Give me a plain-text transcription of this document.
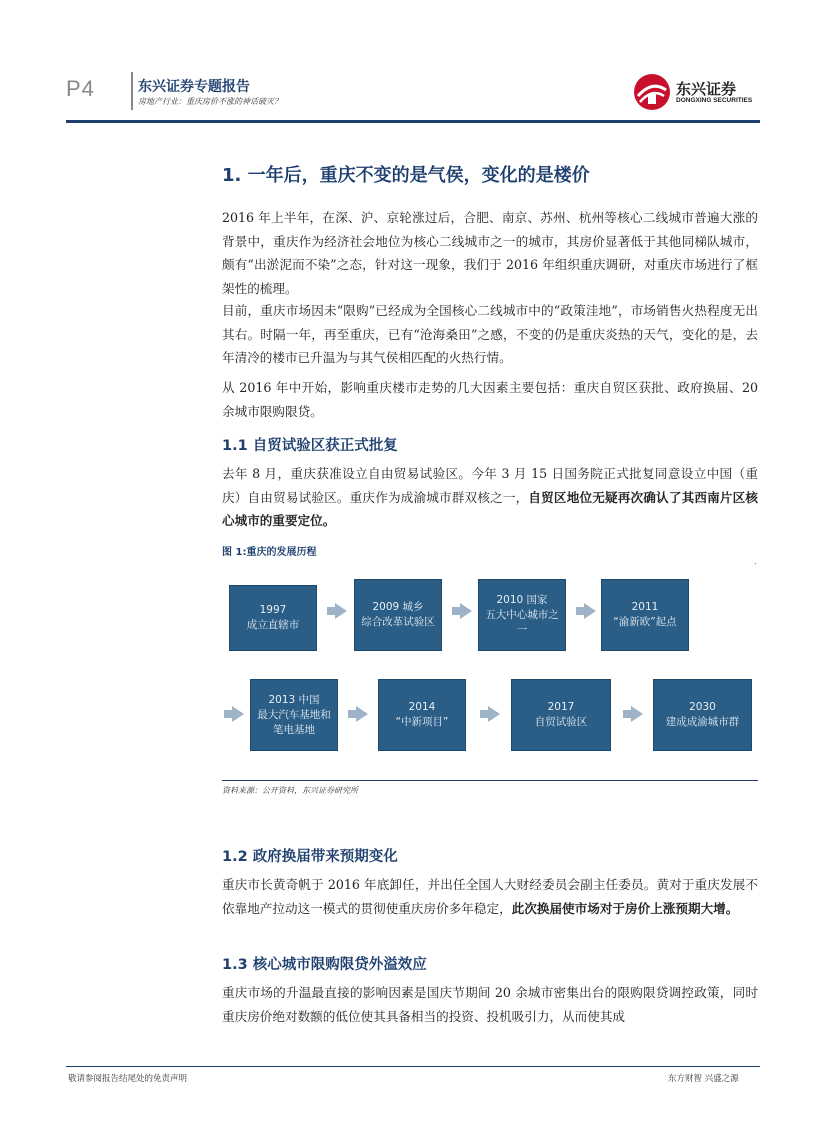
P4	东兴证券专题报告
房地产行业：重庆房价不涨的神话破灭？
东兴证券
DONGXING SECURITIES
1. 一年后，重庆不变的是气侯，变化的是楼价

2016 年上半年，在深、沪、京轮涨过后，合肥、南京、苏州、杭州等核心二线城市普遍大涨的背景中，重庆作为经济社会地位为核心二线城市之一的城市，其房价显著低于其他同梯队城市，颇有“出淤泥而不染”之态，针对这一现象，我们于 2016 年组织重庆调研，对重庆市场进行了框架性的梳理。

目前，重庆市场因未“限购”已经成为全国核心二线城市中的“政策洼地”，市场销售火热程度无出其右。时隔一年，再至重庆，已有“沧海桑田”之感，不变的仍是重庆炎热的天气，变化的是，去年清冷的楼市已升温为与其气侯相匹配的火热行情。

从 2016 年中开始，影响重庆楼市走势的几大因素主要包括：重庆自贸区获批、政府换届、20 余城市限购限贷。

1.1 自贸试验区获正式批复

去年 8 月，重庆获准设立自由贸易试验区。今年 3 月 15 日国务院正式批复同意设立中国（重庆）自由贸易试验区。重庆作为成渝城市群双核之一，自贸区地位无疑再次确认了其西南片区核心城市的重要定位。

图 1:重庆的发展历程
.
1997
成立直辖市
2009 城乡
综合改革试验区
2010 国家
五大中心城市之一
2011
“渝新欧”起点
2013 中国
最大汽车基地和笔电基地
2014
“中新项目”
2017
自贸试验区
2030
建成成渝城市群
资料来源：公开资料，东兴证券研究所
1.2 政府换届带来预期变化

重庆市长黄奇帆于 2016 年底卸任，并出任全国人大财经委员会副主任委员。黄对于重庆发展不依靠地产拉动这一模式的贯彻使重庆房价多年稳定，此次换届使市场对于房价上涨预期大增。

1.3 核心城市限购限贷外溢效应

重庆市场的升温最直接的影响因素是国庆节期间 20 余城市密集出台的限购限贷调控政策，同时重庆房价绝对数额的低位使其具备相当的投资、投机吸引力，从而使其成

敬请参阅报告结尾处的免责声明	东方财智 兴盛之源
